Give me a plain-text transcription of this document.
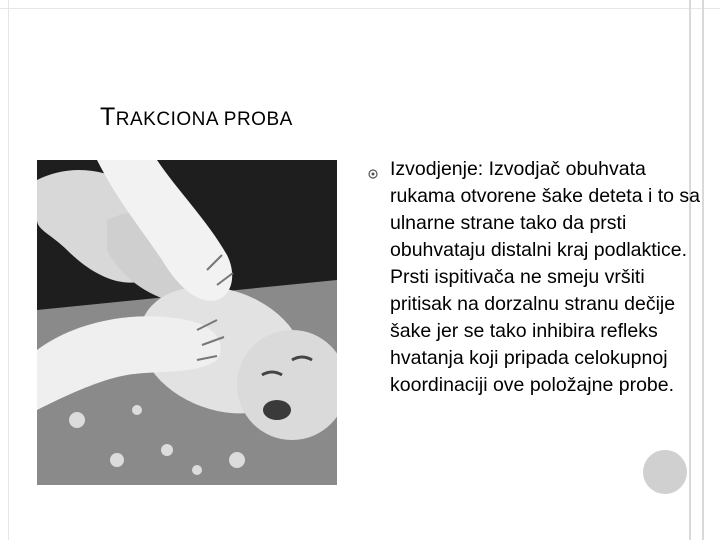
TRAKCIONA PROBA
Izvodjenje: Izvodjač obuhvata rukama otvorene šake deteta i to sa ulnarne strane tako da prsti obuhvataju distalni kraj podlaktice. Prsti ispitivača ne smeju vršiti pritisak na dorzalnu stranu dečije šake jer se tako inhibira refleks hvatanja koji pripada celokupnoj koordinaciji ove položajne probe.
